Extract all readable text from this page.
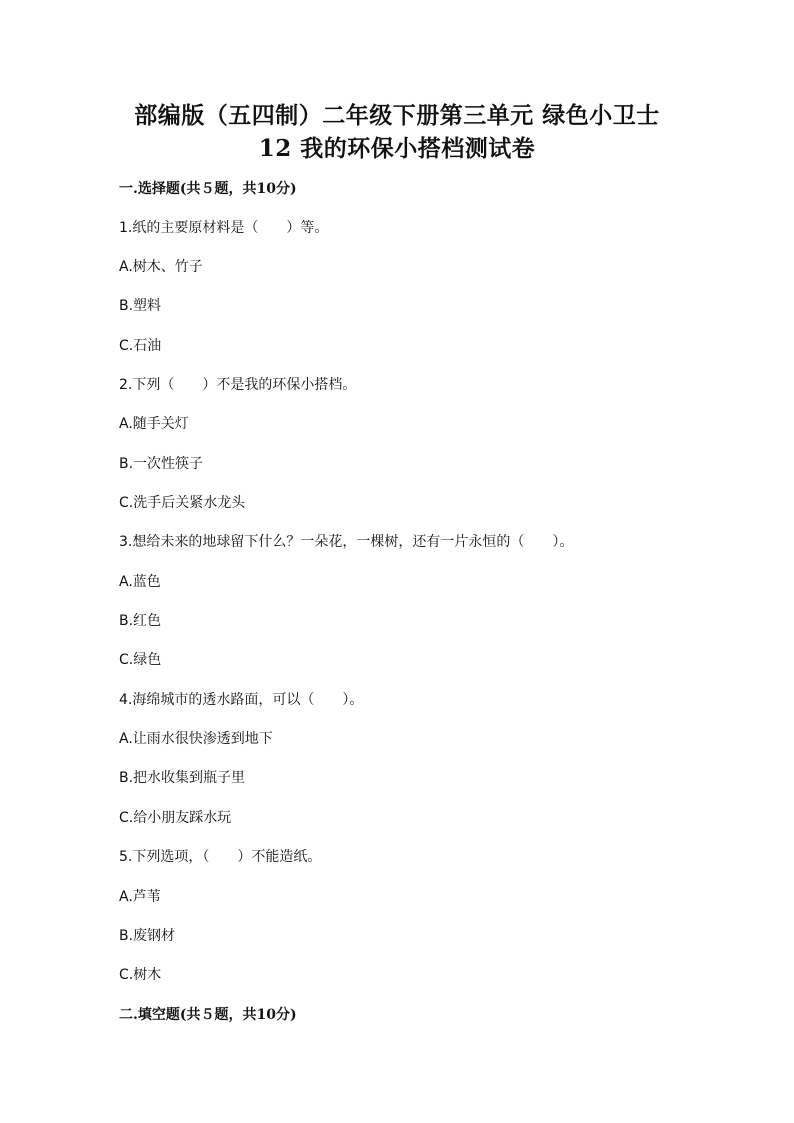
部编版（五四制）二年级下册第三单元 绿色小卫士
12 我的环保小搭档测试卷
一.选择题(共５题，共10分)
1.纸的主要原材料是（　　）等。
A.树木、竹子
B.塑料
C.石油
2.下列（　　）不是我的环保小搭档。
A.随手关灯
B.一次性筷子
C.洗手后关紧水龙头
3.想给未来的地球留下什么？一朵花，一棵树，还有一片永恒的（　　）。
A.蓝色
B.红色
C.绿色
4.海绵城市的透水路面，可以（　　）。
A.让雨水很快渗透到地下
B.把水收集到瓶子里
C.给小朋友踩水玩
5.下列选项，（　　）不能造纸。
A.芦苇
B.废钢材
C.树木
二.填空题(共５题，共10分)
